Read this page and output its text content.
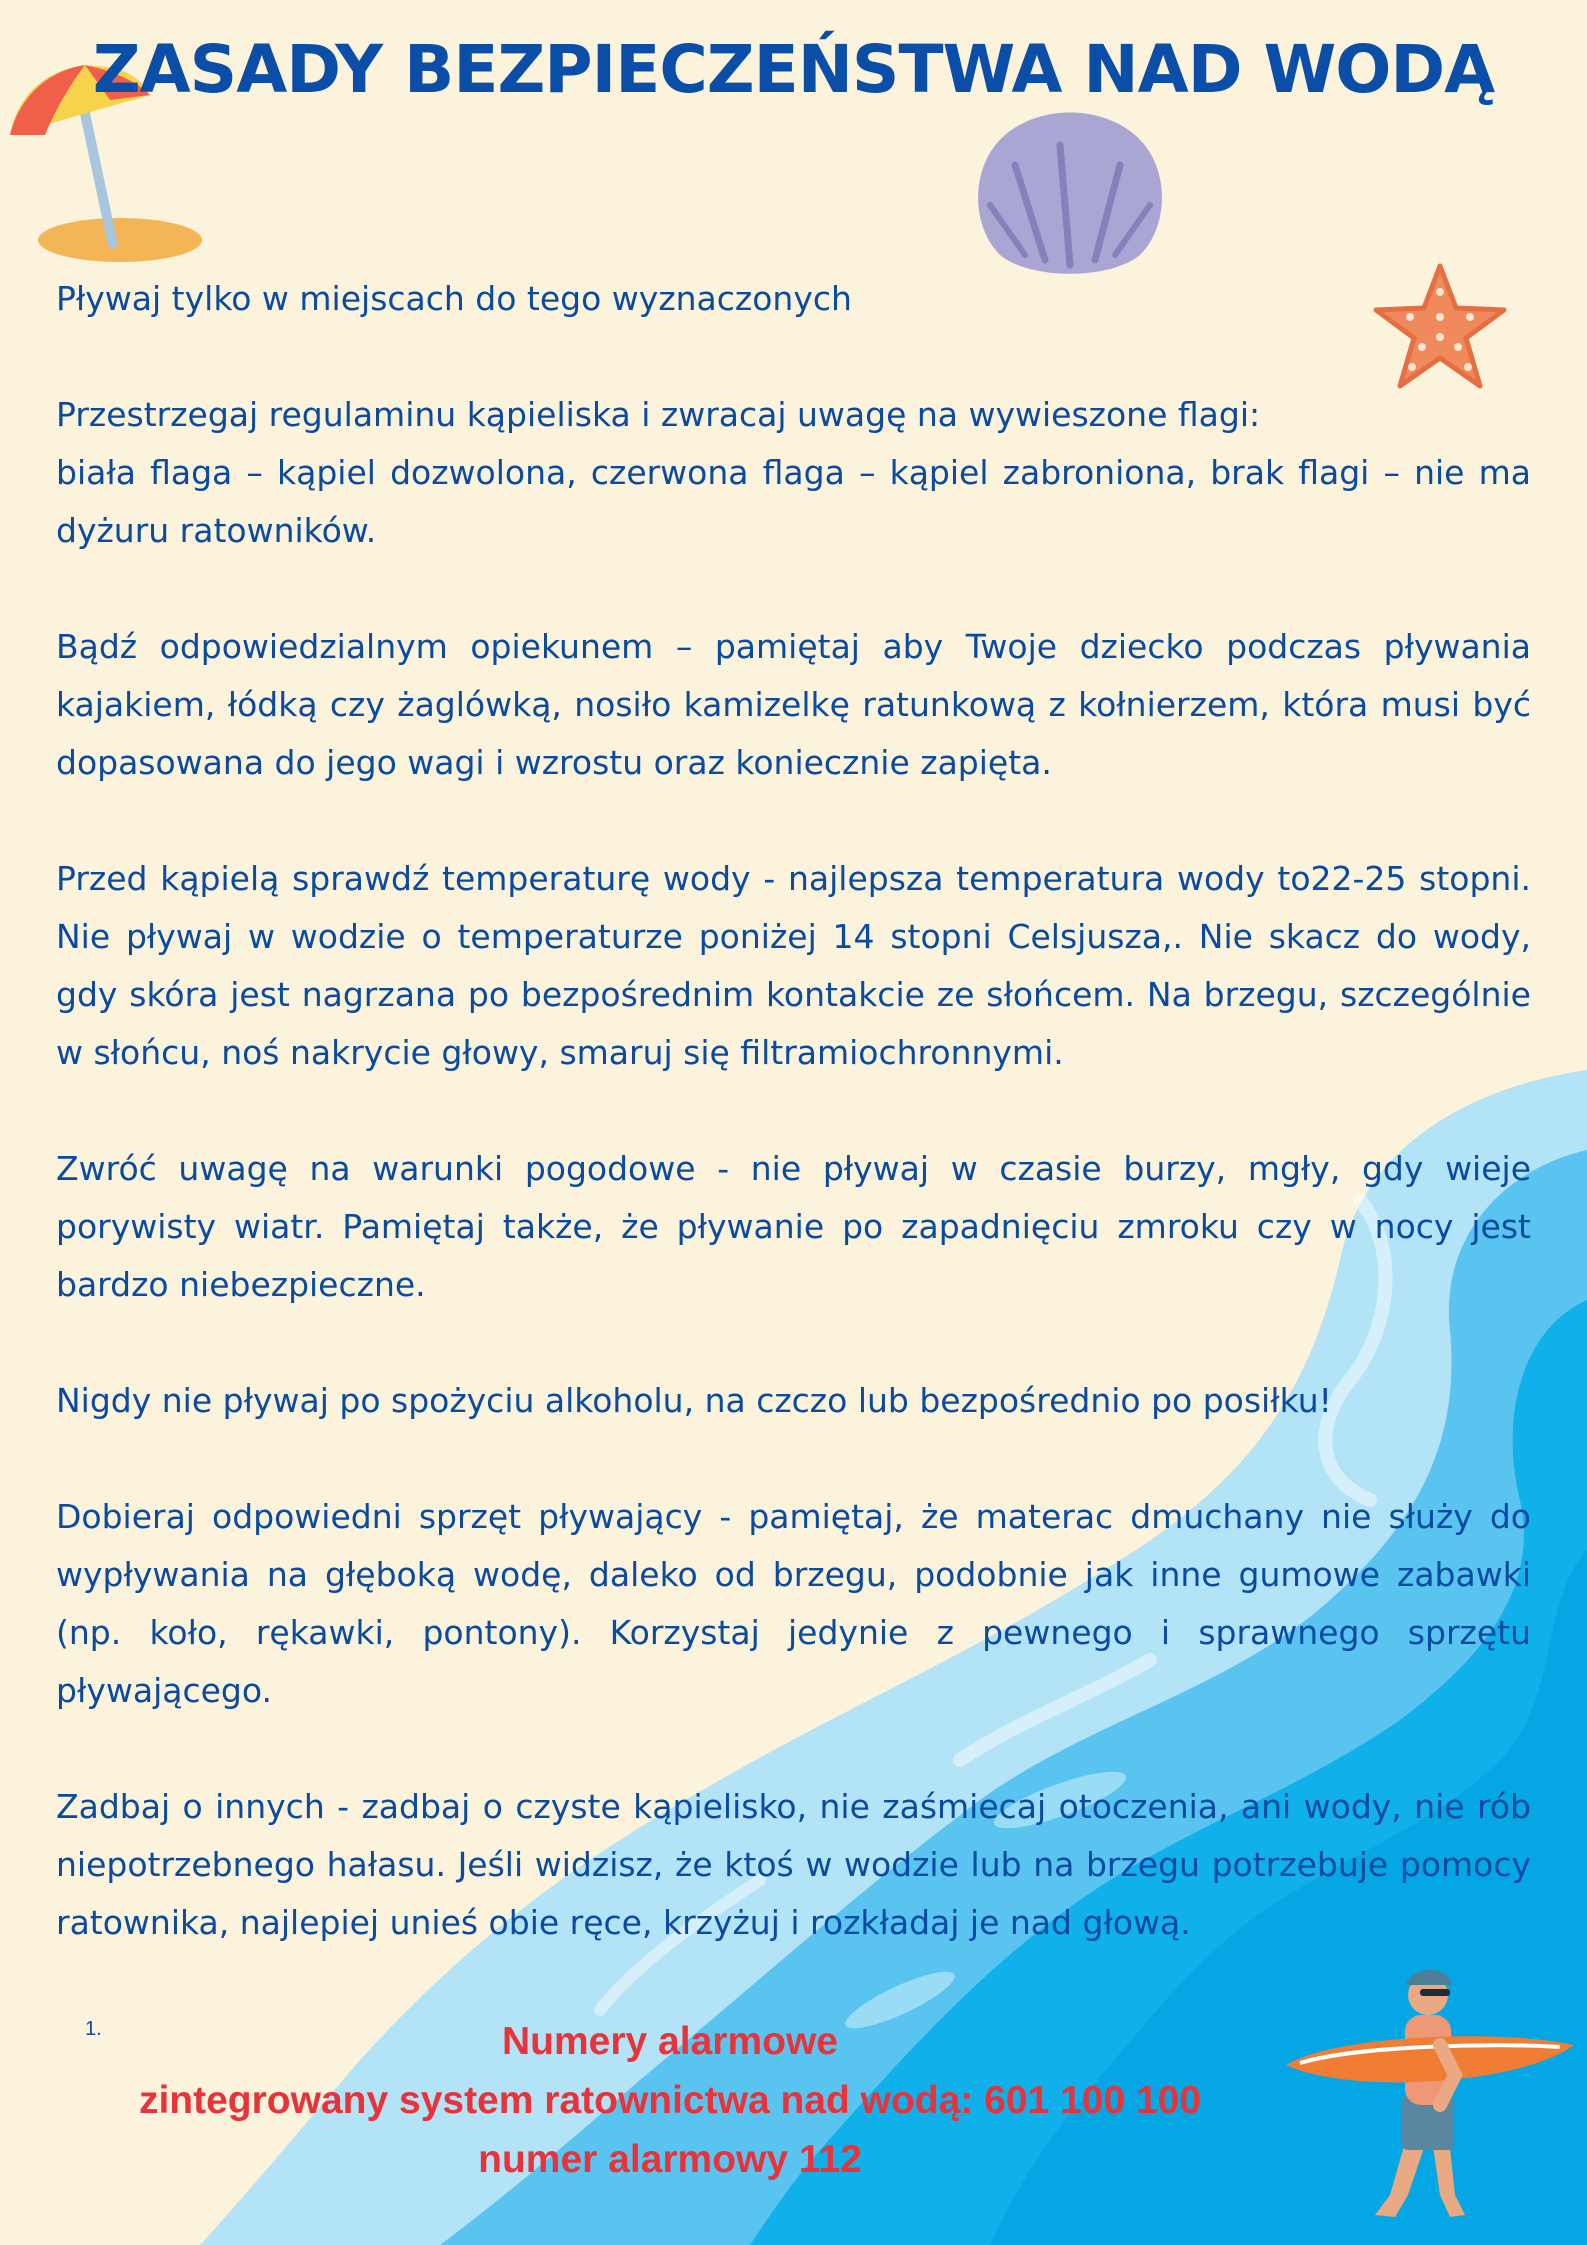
ZASADY BEZPIECZEŃSTWA NAD WODĄ

Pływaj tylko w miejscach do tego wyznaczonych

Przestrzegaj regulaminu kąpieliska i zwracaj uwagę na wywieszone flagi:

biała flaga – kąpiel dozwolona, czerwona flaga – kąpiel zabroniona, brak flagi – nie ma dyżuru ratowników.

Bądź odpowiedzialnym opiekunem – pamiętaj aby Twoje dziecko podczas pływania kajakiem, łódką czy żaglówką, nosiło kamizelkę ratunkową z kołnierzem, która musi być dopasowana do jego wagi i wzrostu oraz koniecznie zapięta.

Przed kąpielą sprawdź temperaturę wody - najlepsza temperatura wody to22-25 stopni. Nie pływaj w wodzie o temperaturze poniżej 14 stopni Celsjusza,. Nie skacz do wody, gdy skóra jest nagrzana po bezpośrednim kontakcie ze słońcem. Na brzegu, szczególnie w słońcu, noś nakrycie głowy, smaruj się filtramiochronnymi.

Zwróć uwagę na warunki pogodowe - nie pływaj w czasie burzy, mgły, gdy wieje porywisty wiatr. Pamiętaj także, że pływanie po zapadnięciu zmroku czy w nocy jest bardzo niebezpieczne.

Nigdy nie pływaj po spożyciu alkoholu, na czczo lub bezpośrednio po posiłku!

Dobieraj odpowiedni sprzęt pływający - pamiętaj, że materac dmuchany nie służy do wypływania na głęboką wodę, daleko od brzegu, podobnie jak inne gumowe zabawki (np. koło, rękawki, pontony). Korzystaj jedynie z pewnego i sprawnego sprzętu pływającego.

Zadbaj o innych - zadbaj o czyste kąpielisko, nie zaśmiecaj otoczenia, ani wody, nie rób niepotrzebnego hałasu. Jeśli widzisz, że ktoś w wodzie lub na brzegu potrzebuje pomocy ratownika, najlepiej unieś obie ręce, krzyżuj i rozkładaj je nad głową.

1.	Numery alarmowe
zintegrowany system ratownictwa nad wodą: 601 100 100
numer alarmowy 112
